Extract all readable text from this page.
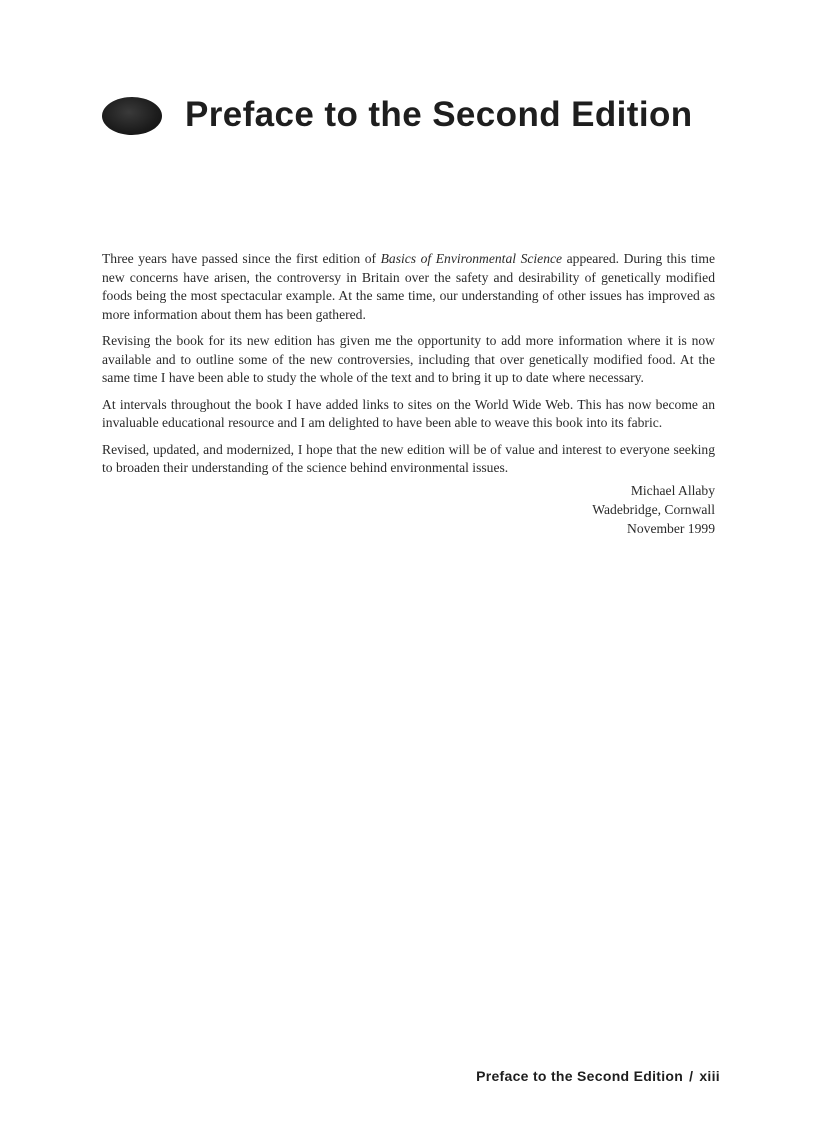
Preface to the Second Edition

Three years have passed since the first edition of Basics of Environmental Science appeared. During this time new concerns have arisen, the controversy in Britain over the safety and desirability of genetically modified foods being the most spectacular example. At the same time, our understanding of other issues has improved as more information about them has been gathered.

Revising the book for its new edition has given me the opportunity to add more information where it is now available and to outline some of the new controversies, including that over genetically modified food. At the same time I have been able to study the whole of the text and to bring it up to date where necessary.

At intervals throughout the book I have added links to sites on the World Wide Web. This has now become an invaluable educational resource and I am delighted to have been able to weave this book into its fabric.

Revised, updated, and modernized, I hope that the new edition will be of value and interest to everyone seeking to broaden their understanding of the science behind environmental issues.

Michael Allaby
Wadebridge, Cornwall
November 1999
Preface to the Second Edition / xiii
